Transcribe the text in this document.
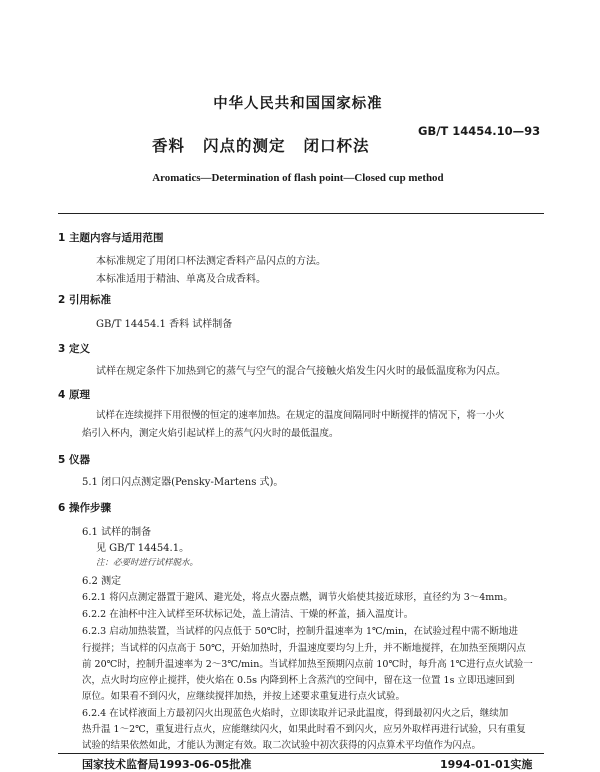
中华人民共和国国家标准
GB/T 14454.10—93
香料 闪点的测定 闭口杯法
Aromatics—Determination of flash point—Closed cup method
1 主题内容与适用范围
本标准规定了用闭口杯法测定香料产品闪点的方法。
本标准适用于精油、单离及合成香料。
2 引用标准
GB/T 14454.1 香料 试样制备
3 定义
试样在规定条件下加热到它的蒸气与空气的混合气接触火焰发生闪火时的最低温度称为闪点。
4 原理
试样在连续搅拌下用很慢的恒定的速率加热。在规定的温度间隔同时中断搅拌的情况下，将一小火
焰引入杯内，测定火焰引起试样上的蒸气闪火时的最低温度。
5 仪器
5.1 闭口闪点测定器(Pensky-Martens 式)。
6 操作步骤
6.1 试样的制备
见 GB/T 14454.1。
注：必要时进行试样脱水。
6.2 测定
6.2.1 将闪点测定器置于避风、避光处，将点火器点燃，调节火焰使其接近球形，直径约为 3～4mm。
6.2.2 在油杯中注入试样至环状标记处，盖上清洁、干燥的杯盖，插入温度计。
6.2.3 启动加热装置，当试样的闪点低于 50℃时，控制升温速率为 1℃/min，在试验过程中需不断地进
行搅拌；当试样的闪点高于 50℃，开始加热时，升温速度要均匀上升，并不断地搅拌，在加热至预期闪点
前 20℃时，控制升温速率为 2～3℃/min。当试样加热至预期闪点前 10℃时，每升高 1℃进行点火试验一
次，点火时均应停止搅拌，使火焰在 0.5s 内降到杯上含蒸汽的空间中，留在这一位置 1s 立即迅速回到
原位。如果看不到闪火，应继续搅拌加热，并按上述要求重复进行点火试验。
6.2.4 在试样液面上方最初闪火出现蓝色火焰时，立即读取并记录此温度，得到最初闪火之后，继续加
热升温 1～2℃，重复进行点火，应能继续闪火，如果此时看不到闪火，应另外取样再进行试验，只有重复
试验的结果依然如此，才能认为测定有效。取二次试验中初次获得的闪点算术平均值作为闪点。
国家技术监督局1993-06-05批准	1994-01-01实施
